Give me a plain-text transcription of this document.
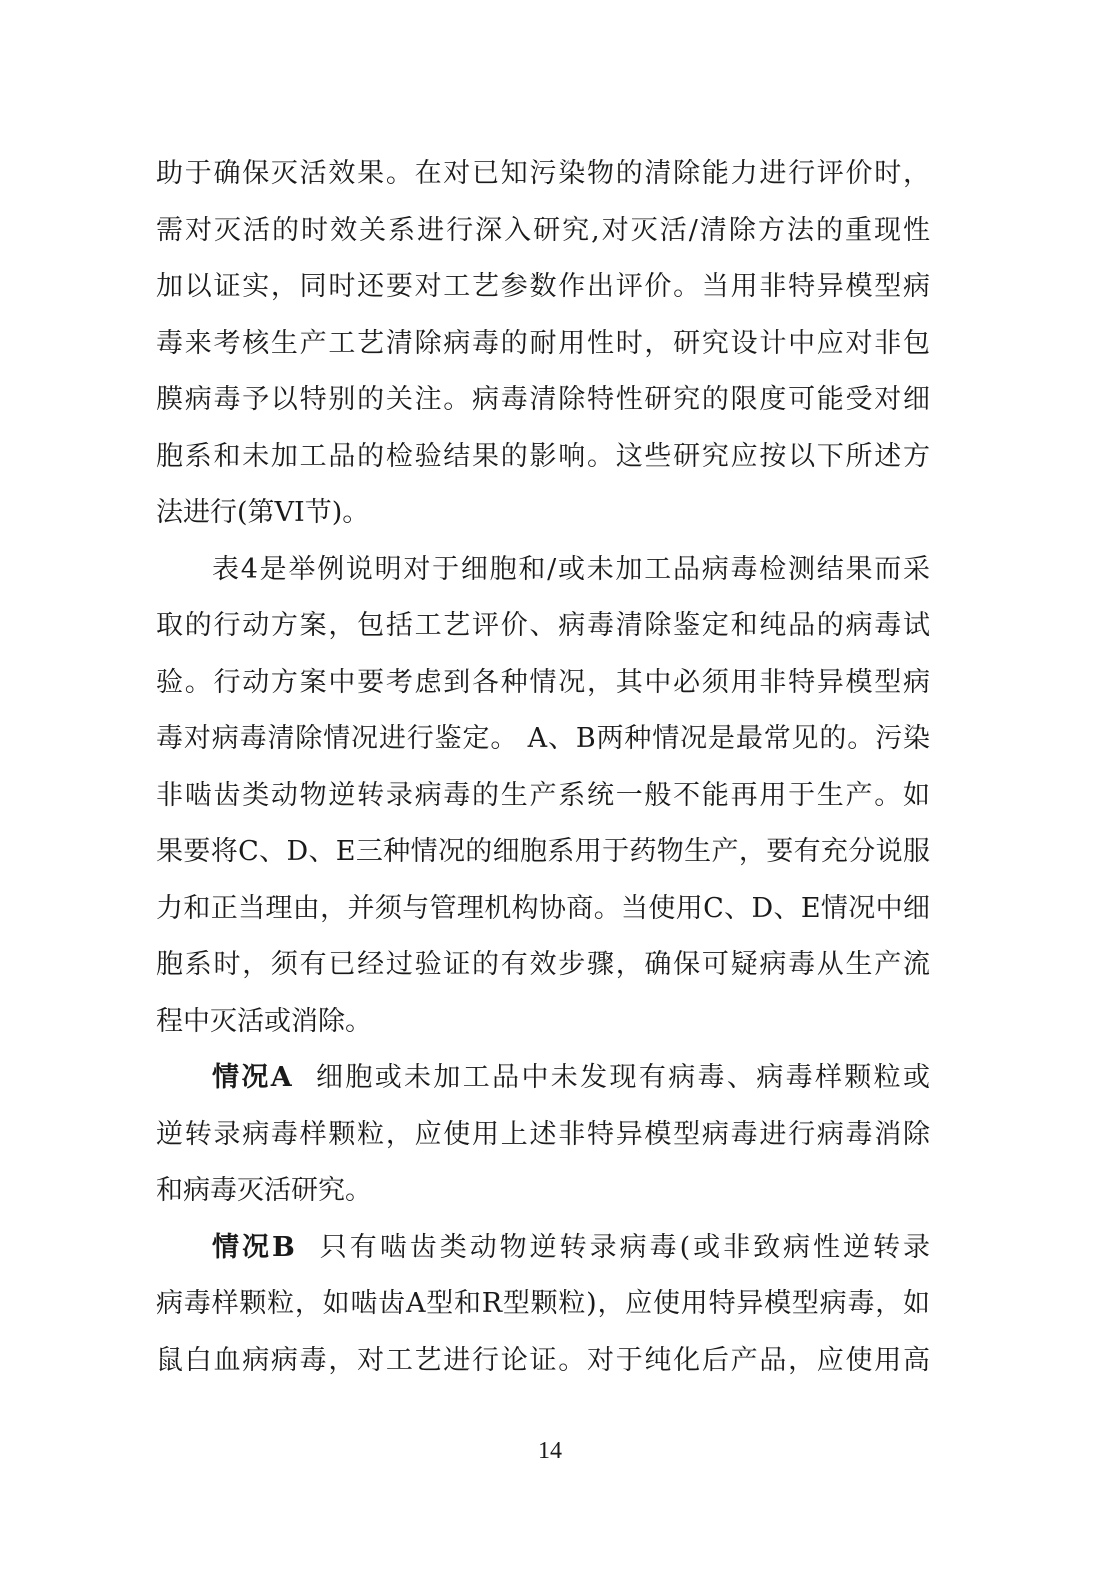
助于确保灭活效果。在对已知污染物的清除能力进行评价时，
需对灭活的时效关系进行深入研究,对灭活/清除方法的重现性
加以证实，同时还要对工艺参数作出评价。当用非特异模型病
毒来考核生产工艺清除病毒的耐用性时，研究设计中应对非包
膜病毒予以特别的关注。病毒清除特性研究的限度可能受对细
胞系和未加工品的检验结果的影响。这些研究应按以下所述方
法进行(第VI节)。
表4是举例说明对于细胞和/或未加工品病毒检测结果而采
取的行动方案，包括工艺评价、病毒清除鉴定和纯品的病毒试
验。行动方案中要考虑到各种情况，其中必须用非特异模型病
毒对病毒清除情况进行鉴定。 A、B两种情况是最常见的。污染
非啮齿类动物逆转录病毒的生产系统一般不能再用于生产。如
果要将C、D、E三种情况的细胞系用于药物生产，要有充分说服
力和正当理由，并须与管理机构协商。当使用C、D、E情况中细
胞系时，须有已经过验证的有效步骤，确保可疑病毒从生产流
程中灭活或消除。
情况A 细胞或未加工品中未发现有病毒、病毒样颗粒或
逆转录病毒样颗粒，应使用上述非特异模型病毒进行病毒消除
和病毒灭活研究。
情况B 只有啮齿类动物逆转录病毒(或非致病性逆转录
病毒样颗粒，如啮齿A型和R型颗粒)，应使用特异模型病毒，如
鼠白血病病毒，对工艺进行论证。对于纯化后产品，应使用高
14
